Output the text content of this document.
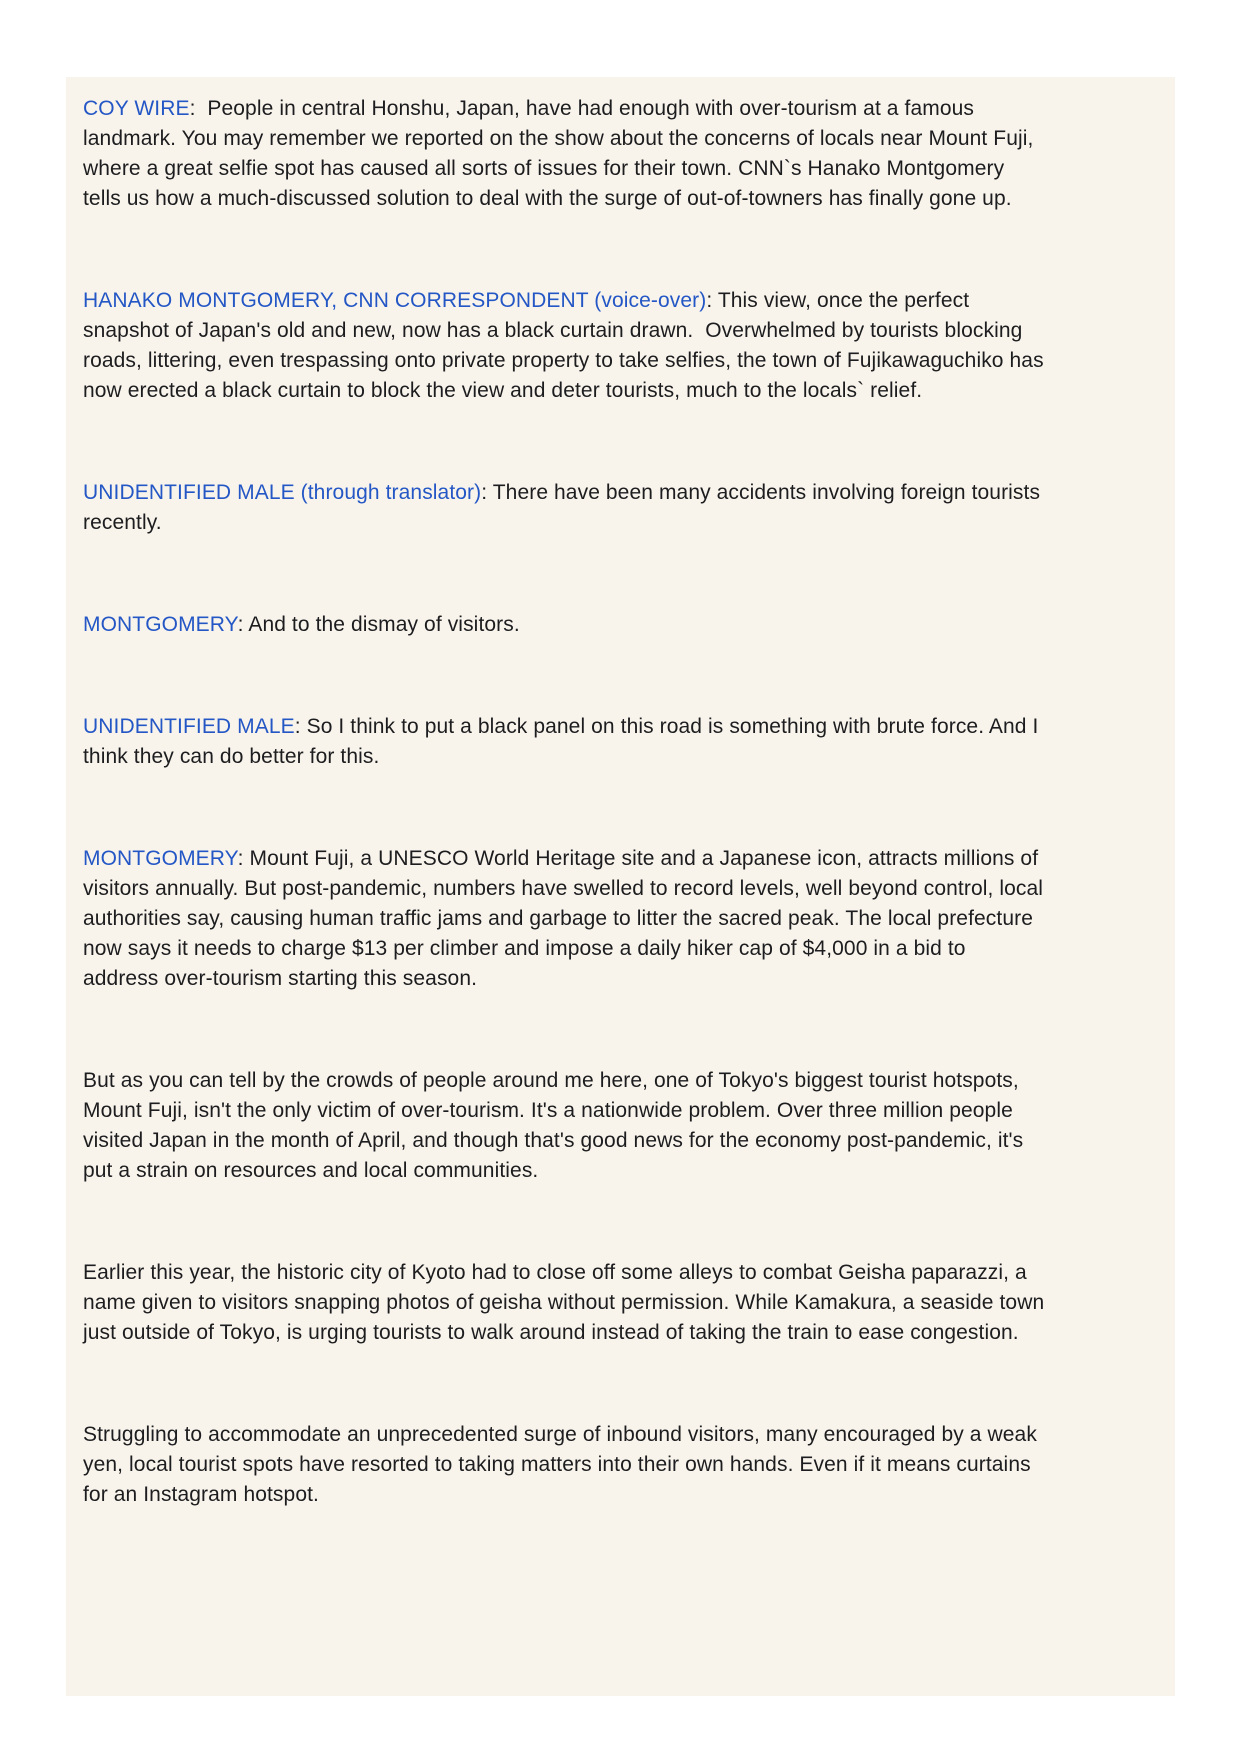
COY WIRE:  People in central Honshu, Japan, have had enough with over-tourism at a famous landmark. You may remember we reported on the show about the concerns of locals near Mount Fuji, where a great selfie spot has caused all sorts of issues for their town. CNN`s Hanako Montgomery tells us how a much-discussed solution to deal with the surge of out-of-towners has finally gone up.

HANAKO MONTGOMERY, CNN CORRESPONDENT (voice-over): This view, once the perfect snapshot of Japan's old and new, now has a black curtain drawn.  Overwhelmed by tourists blocking roads, littering, even trespassing onto private property to take selfies, the town of Fujikawaguchiko has now erected a black curtain to block the view and deter tourists, much to the locals` relief.

UNIDENTIFIED MALE (through translator): There have been many accidents involving foreign tourists recently.

MONTGOMERY: And to the dismay of visitors.

UNIDENTIFIED MALE: So I think to put a black panel on this road is something with brute force. And I think they can do better for this.

MONTGOMERY: Mount Fuji, a UNESCO World Heritage site and a Japanese icon, attracts millions of visitors annually. But post-pandemic, numbers have swelled to record levels, well beyond control, local authorities say, causing human traffic jams and garbage to litter the sacred peak. The local prefecture now says it needs to charge $13 per climber and impose a daily hiker cap of $4,000 in a bid to address over-tourism starting this season.

But as you can tell by the crowds of people around me here, one of Tokyo's biggest tourist hotspots, Mount Fuji, isn't the only victim of over-tourism. It's a nationwide problem. Over three million people visited Japan in the month of April, and though that's good news for the economy post-pandemic, it's put a strain on resources and local communities.

Earlier this year, the historic city of Kyoto had to close off some alleys to combat Geisha paparazzi, a name given to visitors snapping photos of geisha without permission. While Kamakura, a seaside town just outside of Tokyo, is urging tourists to walk around instead of taking the train to ease congestion.

Struggling to accommodate an unprecedented surge of inbound visitors, many encouraged by a weak yen, local tourist spots have resorted to taking matters into their own hands. Even if it means curtains for an Instagram hotspot.
